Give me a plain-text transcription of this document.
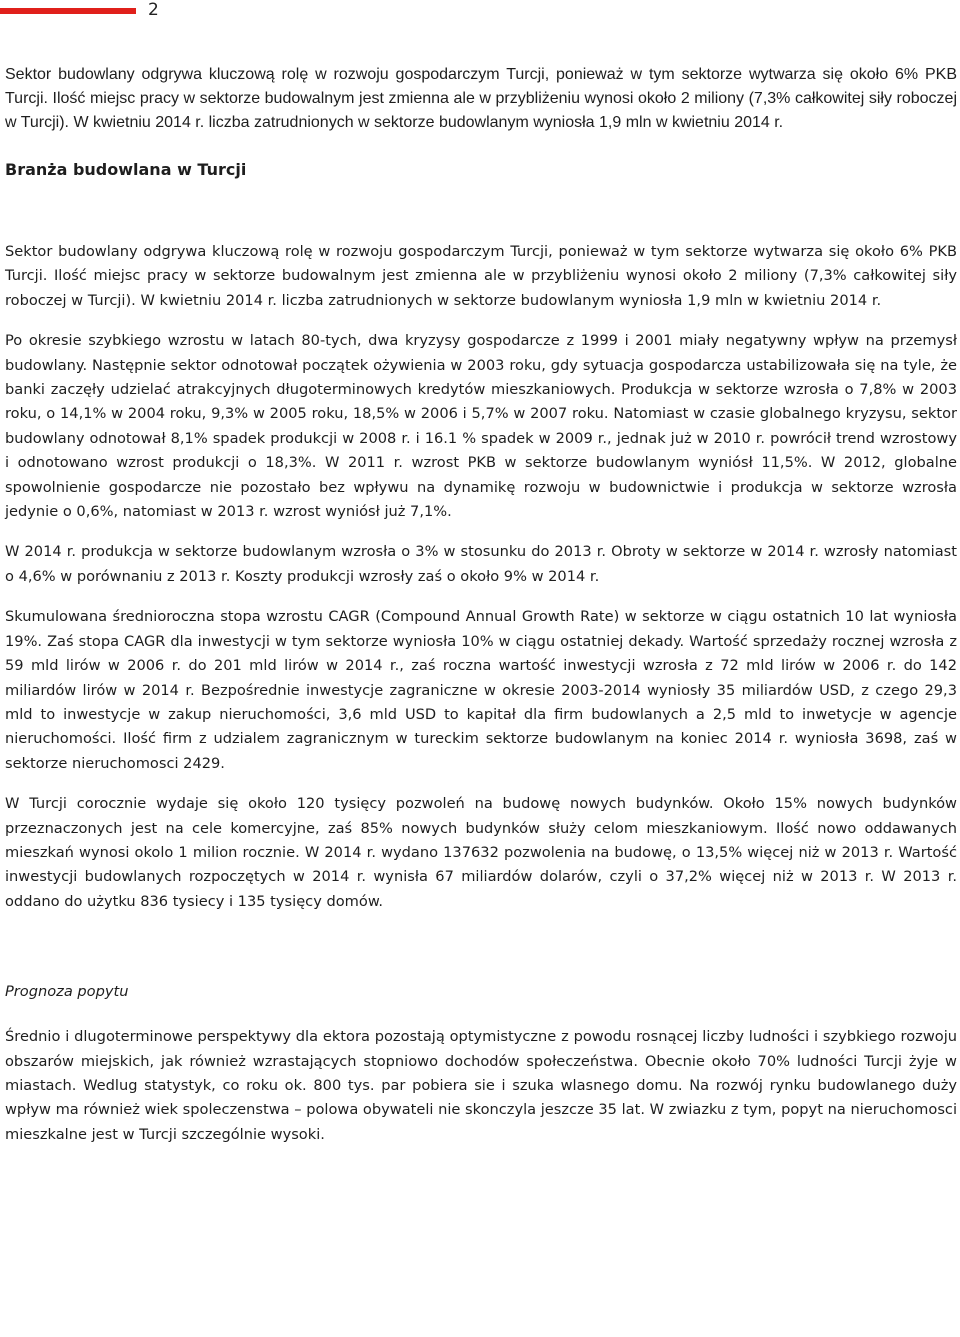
2

Sektor budowlany odgrywa kluczową rolę w rozwoju gospodarczym Turcji, ponieważ w tym sektorze wytwarza się około 6% PKB Turcji. Ilość miejsc pracy w sektorze budowalnym jest zmienna ale w przybliżeniu wynosi około 2 miliony (7,3% całkowitej siły roboczej w Turcji). W kwietniu 2014 r. liczba zatrudnionych w sektorze budowlanym wyniosła 1,9 mln w kwietniu 2014 r.

Branża budowlana w Turcji

Sektor budowlany odgrywa kluczową rolę w rozwoju gospodarczym Turcji, ponieważ w tym sektorze wytwarza się około 6% PKB Turcji. Ilość miejsc pracy w sektorze budowalnym jest zmienna ale w przybliżeniu wynosi około 2 miliony (7,3% całkowitej siły roboczej w Turcji). W kwietniu 2014 r. liczba zatrudnionych w sektorze budowlanym wyniosła 1,9 mln w kwietniu 2014 r.

Po okresie szybkiego wzrostu w latach 80-tych, dwa kryzysy gospodarcze z 1999 i 2001 miały negatywny wpływ na przemysł budowlany. Następnie sektor odnotował początek ożywienia w 2003 roku, gdy sytuacja gospodarcza ustabilizowała się na tyle, że banki zaczęły udzielać atrakcyjnych długoterminowych kredytów mieszkaniowych. Produkcja w sektorze wzrosła o 7,8% w 2003 roku, o 14,1% w 2004 roku, 9,3% w 2005 roku, 18,5% w 2006 i 5,7% w 2007 roku. Natomiast w czasie globalnego kryzysu, sektor budowlany odnotował 8,1% spadek produkcji w 2008 r. i 16.1 % spadek w 2009 r., jednak już w 2010 r. powrócił trend wzrostowy i odnotowano wzrost produkcji o 18,3%. W 2011 r. wzrost PKB w sektorze budowlanym wyniósł 11,5%. W 2012, globalne spowolnienie gospodarcze nie pozostało bez wpływu na dynamikę rozwoju w budownictwie i produkcja w sektorze wzrosła jedynie o 0,6%, natomiast w 2013 r. wzrost wyniósł już 7,1%.

W 2014 r. produkcja w sektorze budowlanym wzrosła o 3% w stosunku do 2013 r. Obroty w sektorze w 2014 r. wzrosły natomiast o 4,6% w porównaniu z 2013 r. Koszty produkcji wzrosły zaś o około 9% w 2014 r.

Skumulowana średnioroczna stopa wzrostu CAGR (Compound Annual Growth Rate) w sektorze w ciągu ostatnich 10 lat wyniosła 19%. Zaś stopa CAGR dla inwestycji w tym sektorze wyniosła 10% w ciągu ostatniej dekady. Wartość sprzedaży rocznej wzrosła z 59 mld lirów w 2006 r. do 201 mld lirów w 2014 r., zaś roczna wartość inwestycji wzrosła z 72 mld lirów w 2006 r. do 142 miliardów lirów w 2014 r. Bezpośrednie inwestycje zagraniczne w okresie 2003-2014 wyniosły 35 miliardów USD, z czego 29,3 mld to inwestycje w zakup nieruchomości, 3,6 mld USD to kapitał dla firm budowlanych a 2,5 mld to inwetycje w agencje nieruchomości. Ilość firm z udzialem zagranicznym w tureckim sektorze budowlanym na koniec 2014 r. wyniosła 3698, zaś w sektorze nieruchomosci 2429.

W Turcji corocznie wydaje się około 120 tysięcy pozwoleń na budowę nowych budynków. Około 15% nowych budynków przeznaczonych jest na cele komercyjne, zaś 85% nowych budynków służy celom mieszkaniowym. Ilość nowo oddawanych mieszkań wynosi okolo 1 milion rocznie. W 2014 r. wydano 137632 pozwolenia na budowę, o 13,5% więcej niż w 2013 r. Wartość inwestycji budowlanych rozpoczętych w 2014 r. wynisła 67 miliardów dolarów, czyli o 37,2% więcej niż w 2013 r. W 2013 r. oddano do użytku 836 tysiecy i 135 tysięcy domów.

Prognoza popytu

Średnio i dlugoterminowe perspektywy dla ektora pozostają optymistyczne z powodu rosnącej liczby ludności i szybkiego rozwoju obszarów miejskich, jak również wzrastających stopniowo dochodów społeczeństwa. Obecnie około 70% ludności Turcji żyje w miastach. Wedlug statystyk, co roku ok. 800 tys. par pobiera sie i szuka wlasnego domu. Na rozwój rynku budowlanego duży wpływ ma również wiek spoleczenstwa – polowa obywateli nie skonczyla jeszcze 35 lat. W zwiazku z tym, popyt na nieruchomosci mieszkalne jest w Turcji szczególnie wysoki.
